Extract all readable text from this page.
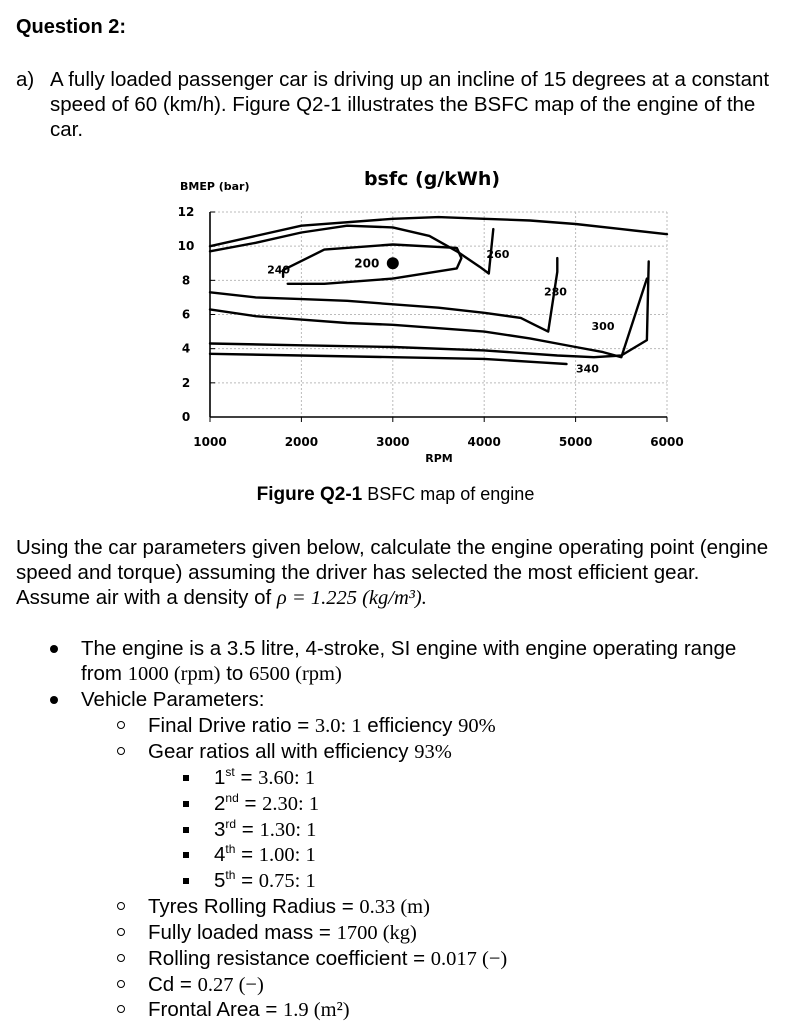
Question 2:
a) A fully loaded passenger car is driving up an incline of 15 degrees at a constant speed of 60 (km/h). Figure Q2-1 illustrates the BSFC map of the engine of the car.
1000	2000	3000	4000	5000	6000
0
2
4
6
8
10
12
bsfc (g/kWh)
BMEP (bar)
RPM
200
240
260
280
300
340
Figure Q2-1 BSFC map of engine
Using the car parameters given below, calculate the engine operating point (engine speed and torque) assuming the driver has selected the most efficient gear. Assume air with a density of ρ = 1.225 (kg/m³).
The engine is a 3.5 litre, 4-stroke, SI engine with engine operating range from 1000 (rpm) to 6500 (rpm)
Vehicle Parameters:
Final Drive ratio = 3.0: 1 efficiency 90%
Gear ratios all with efficiency 93%
1st = 3.60: 1
2nd = 2.30: 1
3rd = 1.30: 1
4th = 1.00: 1
5th = 0.75: 1
Tyres Rolling Radius = 0.33 (m)
Fully loaded mass = 1700 (kg)
Rolling resistance coefficient = 0.017 (−)
Cd = 0.27 (−)
Frontal Area = 1.9 (m²)
